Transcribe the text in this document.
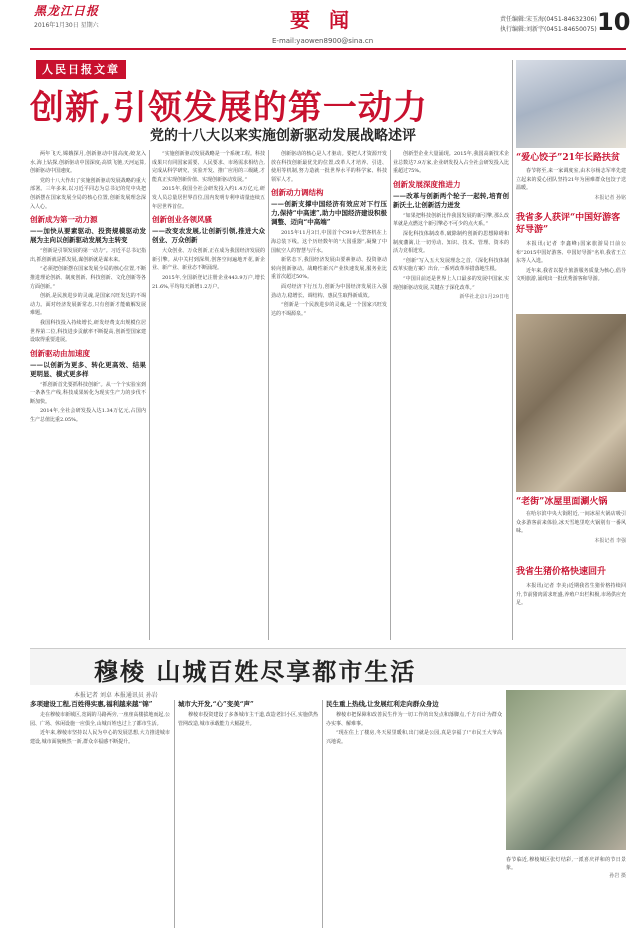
黑龙江日报
2016年1月30日 星期六	要 闻
E-mail:yaowen8900@sina.cn
责任编辑:宋玉海(0451-84632306)
执行编辑:刘新宇(0451-84650075) 10
人民日报文章
创新,引领发展的第一动力
党的十八大以来实施创新驱动发展战略述评

两年飞天,嫦娥探月,创新驱动中国高度;蛟龙入水,海上钻探,创新驱动中国深度;高铁飞驰,天河运算,创新驱动中国速度。

党的十八大作出了实施创新驱动发展战略的重大部署。三年多来,以习近平同志为总书记的党中央把创新摆在国家发展全局的核心位置,创新发展理念深入人心。

创新成为第一动力源
——加快从要素驱动、投资规模驱动发展为主向以创新驱动发展为主转变

“创新是引领发展的第一动力”。习近平总书记指出,抓创新就是抓发展,谋创新就是谋未来。

“必须把创新摆在国家发展全局的核心位置,不断推进理论创新、制度创新、科技创新、文化创新等各方面创新。”

创新,是民族进步的灵魂,是国家兴旺发达的不竭动力。面对经济发展新常态,只有创新才能破解发展难题。

我国科技投入持续增长,研发经费支出规模位居世界第二位,科技进步贡献率不断提高,创新型国家建设取得重要进展。

创新驱动由加速度
——以创新为更多、转化更高效、结果更明显、模式更多样

“抓创新首先要抓科技创新”。从一个个实验室到一条条生产线,科技成果转化为现实生产力的步伐不断加快。

2014年,全社会研发投入达1.34万亿元,占国内生产总值比重2.05%。

“实施创新驱动发展战略是一个系统工程。科技成果只有同国家需要、人民要求、市场需求相结合,完成从科学研究、实验开发、推广应用的三级跳,才能真正实现创新价值、实现创新驱动发展。”

2015年,我国全社会研发投入约1.4万亿元,研发人员总量居世界首位,国内发明专利申请量连续五年居世界首位。

创新创业各领风骚
——改变农发展,让创新引领,推进大众创业、万众创新

大众创业、万众创新,正在成为我国经济发展的新引擎。从中关村到深圳,创客空间遍地开花,新企业、新产业、新业态不断涌现。

2015年,全国新登记注册企业443.9万户,增长21.6%,平均每天新增1.2万户。

创新驱动的核心是人才驱动。要把人才资源开发放在科技创新最优先的位置,改革人才培养、引进、使用等机制,努力造就一批世界水平的科学家、科技领军人才。

创新动力调结构
——创新支撑中国经济有效应对下行压力,保持“中高速”,助力中国经济建设积极调整、迈向“中高端”

2015年11月3日,中国首个C919大型客机在上海总装下线。这个历经数年的“大国重器”,凝聚了中国航空人的智慧与汗水。

新常态下,我国经济发展由要素驱动、投资驱动转向创新驱动。战略性新兴产业快速发展,服务业比重首次超过50%。

面对经济下行压力,创新为中国经济发展注入强劲动力,稳增长、调结构、惠民生取得新成效。

“创新是一个民族进步的灵魂,是一个国家兴旺发达的不竭源泉。”

创新型企业大量涌现。2015年,我国高新技术企业总数达7.9万家,企业研发投入占全社会研发投入比重超过75%。

创新发展深度推进力
——改革与创新两个轮子一起转,培育创新沃土,让创新活力迸发

“如果把科技创新比作我国发展的新引擎,那么改革就是点燃这个新引擎必不可少的点火系。”

深化科技体制改革,破除制约创新的思想障碍和制度藩篱,让一切劳动、知识、技术、管理、资本的活力竞相迸发。

“创新”写入五大发展理念之首,《深化科技体制改革实施方案》出台,一系列改革举措落地生根。

“中国目前还是世界上人口最多的发展中国家,实现创新驱动发展,关键在于深化改革。”

新华社北京1月29日电
“爱心饺子”21年长路扶贫

春节将至,来一家调度室,由木尔杨志军率先建立起来的爱心团队坚持21年为困难群众包饺子送温暖。

本报记者 孙铭
我省多人获评“中国好游客好导游”

本报讯(记者 李鑫峰)国家旅游局日前公布“2015中国好游客、中国好导游”名单,我省王立东等人入选。

近年来,我省以提升旅游服务质量为核心,倡导文明旅游,涌现出一批优秀游客和导游。

“老街”冰屋里面涮火锅

在哈尔滨中央大街附近,一间冰屋火锅店吸引众多游客前来体验,冰天雪地里吃火锅别有一番风味。

本报记者 李强
我省生猪价格快速回升

本报讯(记者 李美)近期我省生猪价格持续回升,节前猪肉需求旺盛,养殖户出栏积极,市场供应充足。

穆棱 山城百姓尽享都市生活
本报记者 刘卓 本报通讯员 孙岩
多项建设工程,百姓得实惠,福利越来越“锦”

走在穆棱市新城区,宽阔的马路两旁,一座座高楼拔地而起,公园、广场、休闲设施一应俱全,山城百姓也过上了都市生活。

近年来,穆棱市坚持以人民为中心的发展思想,大力推进城市建设,城市面貌焕然一新,群众幸福感不断提升。

城市大开发,“心”变美“声”

穆棱市投资建设了多条城市主干道,改造老旧小区,实施供热管网改造,城市承载能力大幅提升。

民生重上热线,让发展红利走向群众身边

穆棱市把保障和改善民生作为一切工作的出发点和落脚点,千方百计为群众办实事、解难事。

“现在住上了楼房,冬天屋里暖和,出门就是公园,真是享福了!”市民王大爷高兴地说。

春节临近,穆棱城区张灯结彩,一派喜庆祥和的节日景象。
孙岩 摄
